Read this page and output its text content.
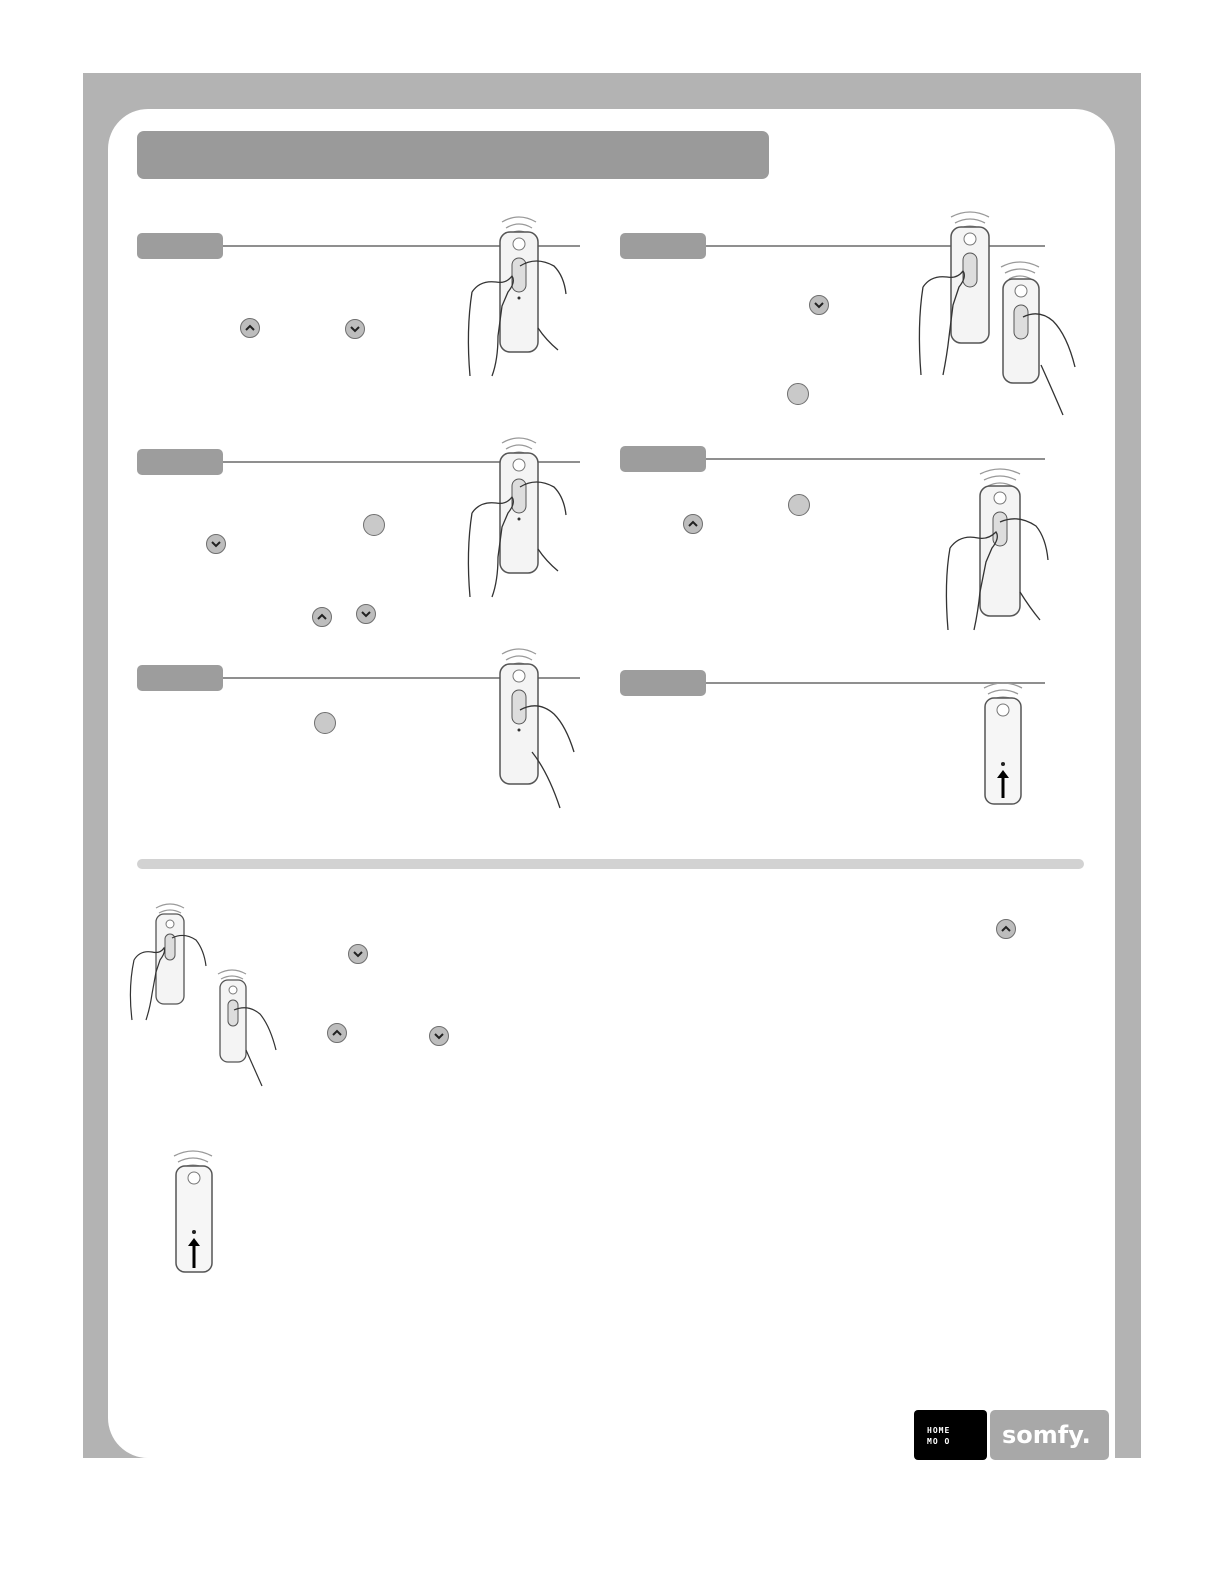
HOME
MO O somfy.
